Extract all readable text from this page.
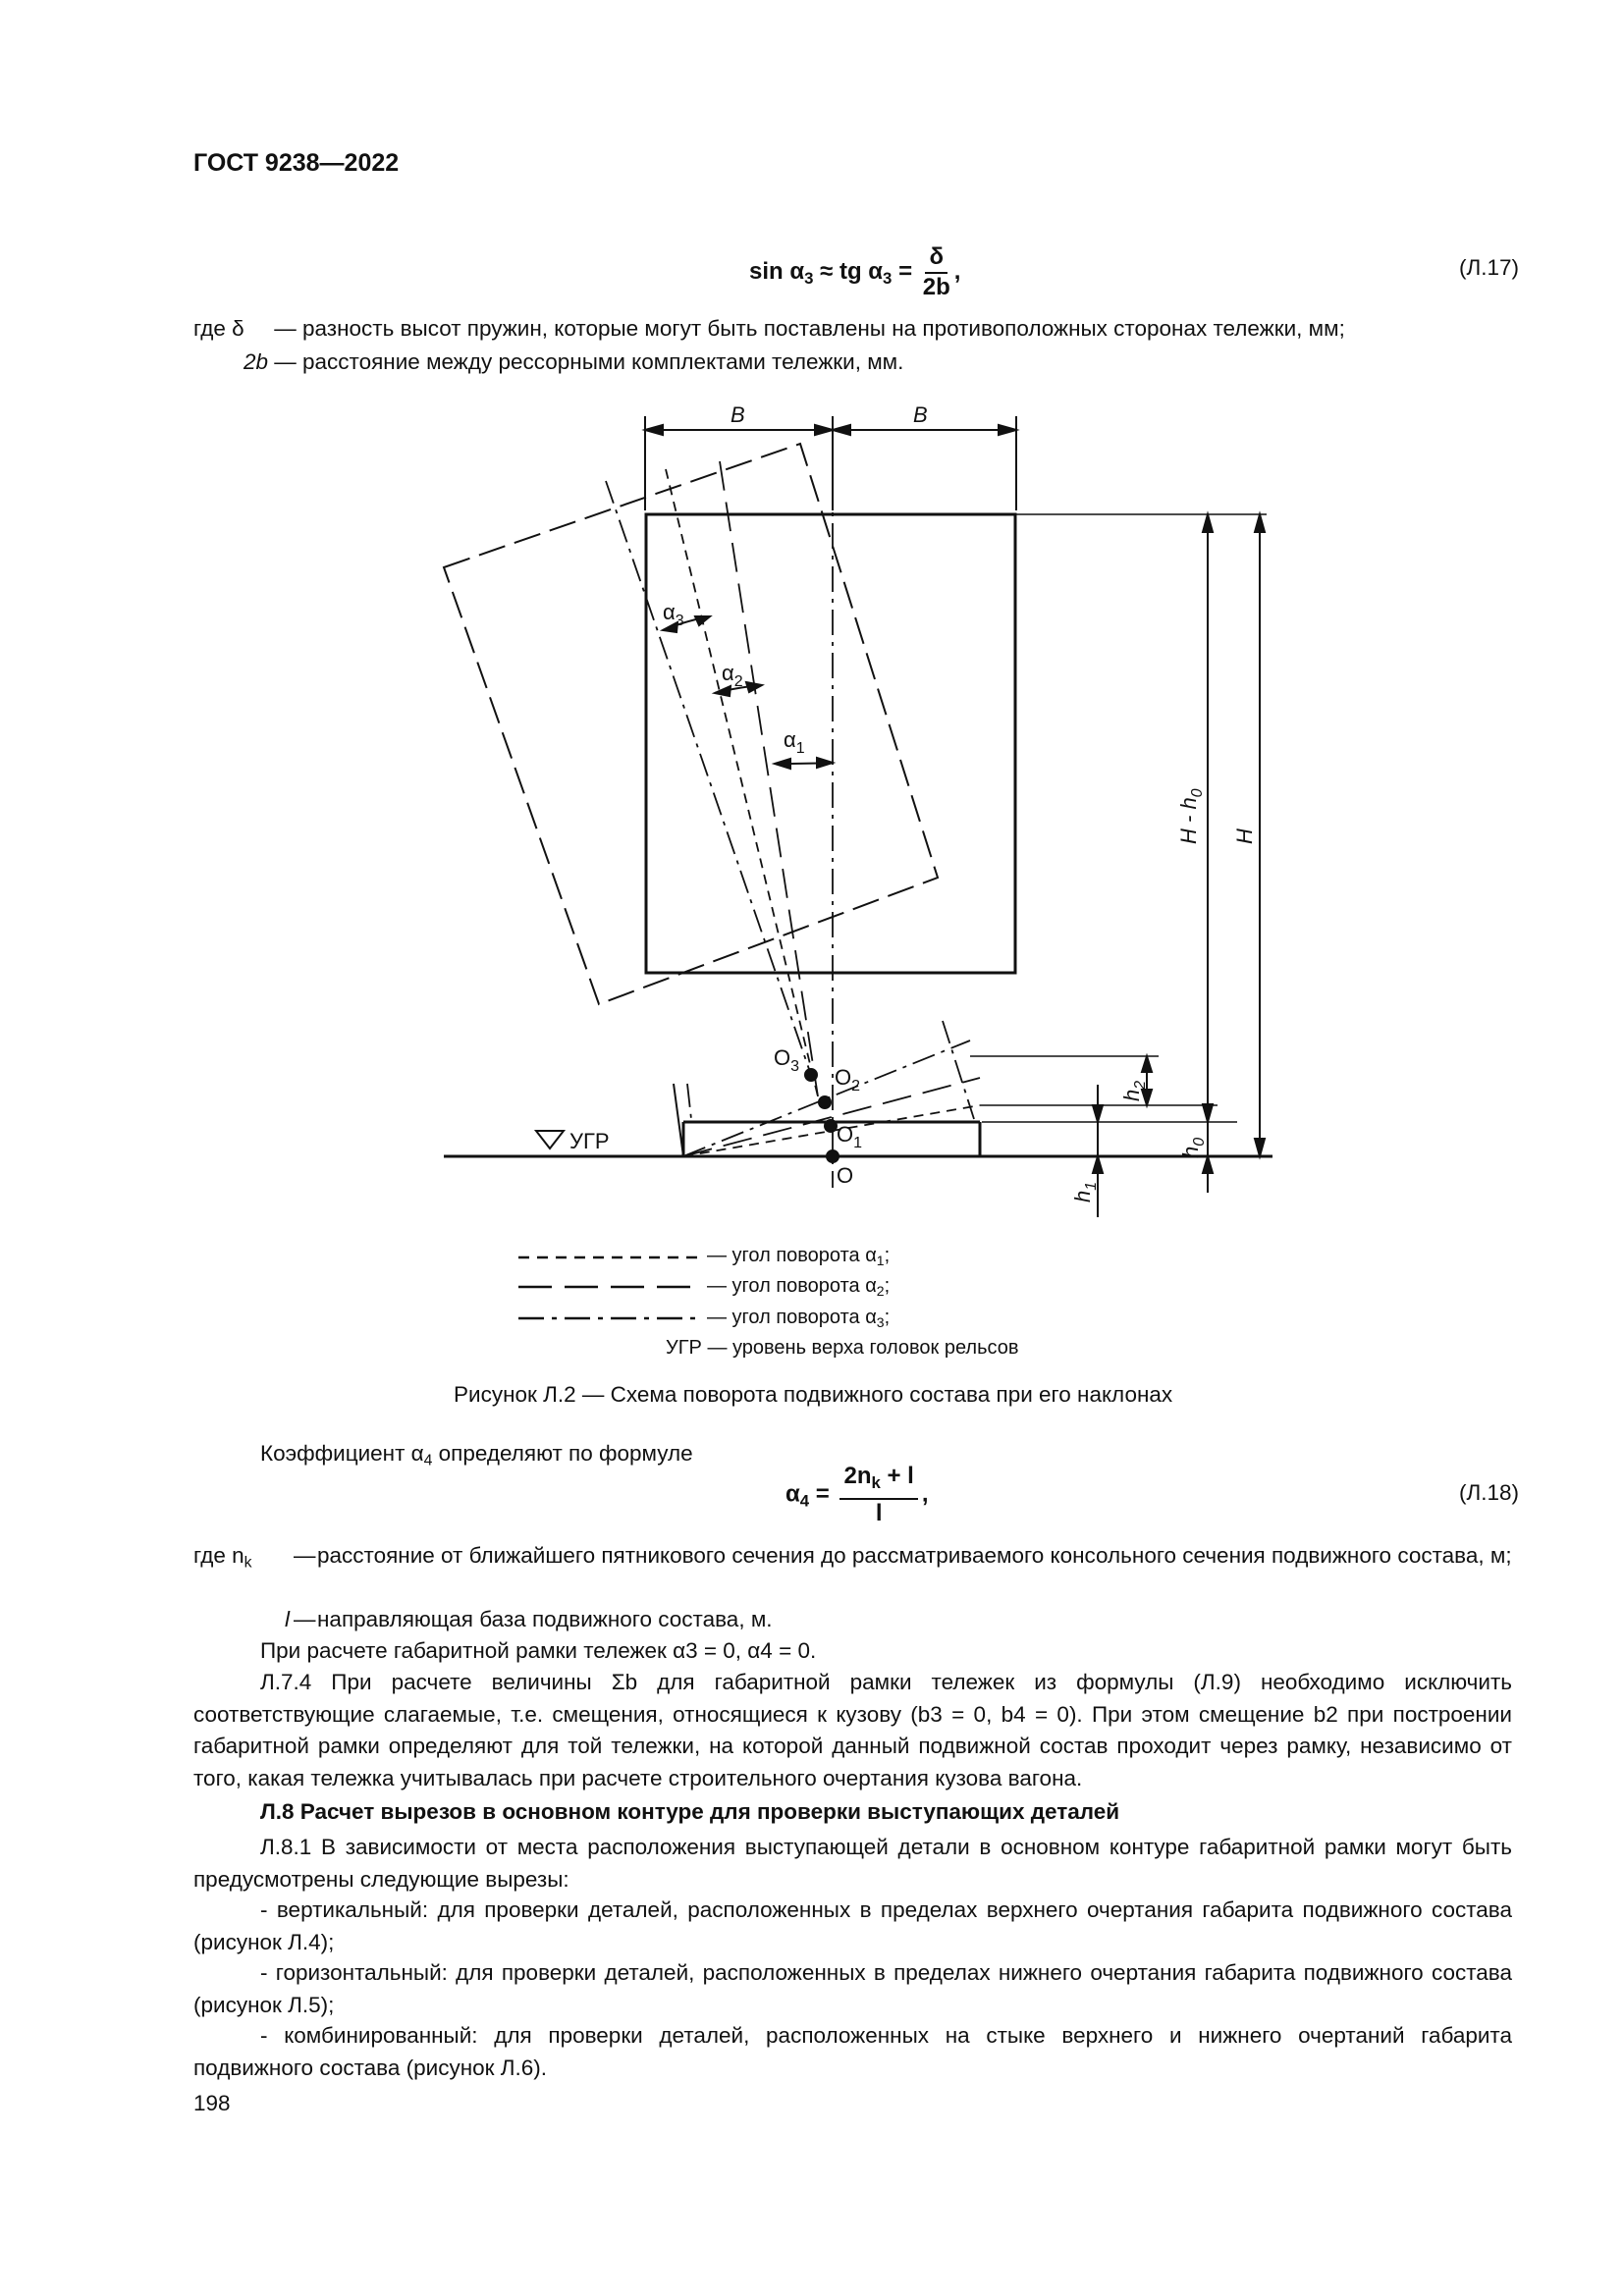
ГОСТ 9238—2022
$\sin \alpha_3$ ≈ tg $\alpha_3 = \frac{\delta}{2b}$ ,	(Л.17)
где δ — разность высот пружин, которые могут быть поставлены на противоположных сторонах тележки, мм;
2b — расстояние между рессорными комплектами тележки, мм.
B	B
$\alpha_3$
$\alpha_2$
$\alpha_1$
H - $h_0$
H
$O_3$ $O_2$
$O_1$
O
$h_2$
$h_0$
$h_1$
УГР
— угол поворота $\alpha_1$;
— угол поворота $\alpha_2$;
— угол поворота $\alpha_3$;
УГР — уровень верха головок рельсов
Рисунок Л.2 — Схема поворота подвижного состава при его наклонах
Коэффициент $\alpha_4$ определяют по формуле
$\alpha_4 = \frac{2n_k + l}{l}$ ,	(Л.18)
где $n_k$	— расстояние от ближайшего пятникового сечения до рассматриваемого консольного сечения подвижного состава, м;
l — направляющая база подвижного состава, м.
При расчете габаритной рамки тележек α3 = 0, α4 = 0.
Л.7.4 При расчете величины Σb для габаритной рамки тележек из формулы (Л.9) необходимо исключить соответствующие слагаемые, т.е. смещения, относящиеся к кузову (b3 = 0, b4 = 0). При этом смещение b2 при построении габаритной рамки определяют для той тележки, на которой данный подвижной состав проходит через рамку, независимо от того, какая тележка учитывалась при расчете строительного очертания кузова вагона.
Л.8 Расчет вырезов в основном контуре для проверки выступающих деталей
Л.8.1 В зависимости от места расположения выступающей детали в основном контуре габаритной рамки могут быть предусмотрены следующие вырезы:
- вертикальный: для проверки деталей, расположенных в пределах верхнего очертания габарита подвижного состава (рисунок Л.4);
- горизонтальный: для проверки деталей, расположенных в пределах нижнего очертания габарита подвижного состава (рисунок Л.5);
- комбинированный: для проверки деталей, расположенных на стыке верхнего и нижнего очертаний габарита подвижного состава (рисунок Л.6).
198
